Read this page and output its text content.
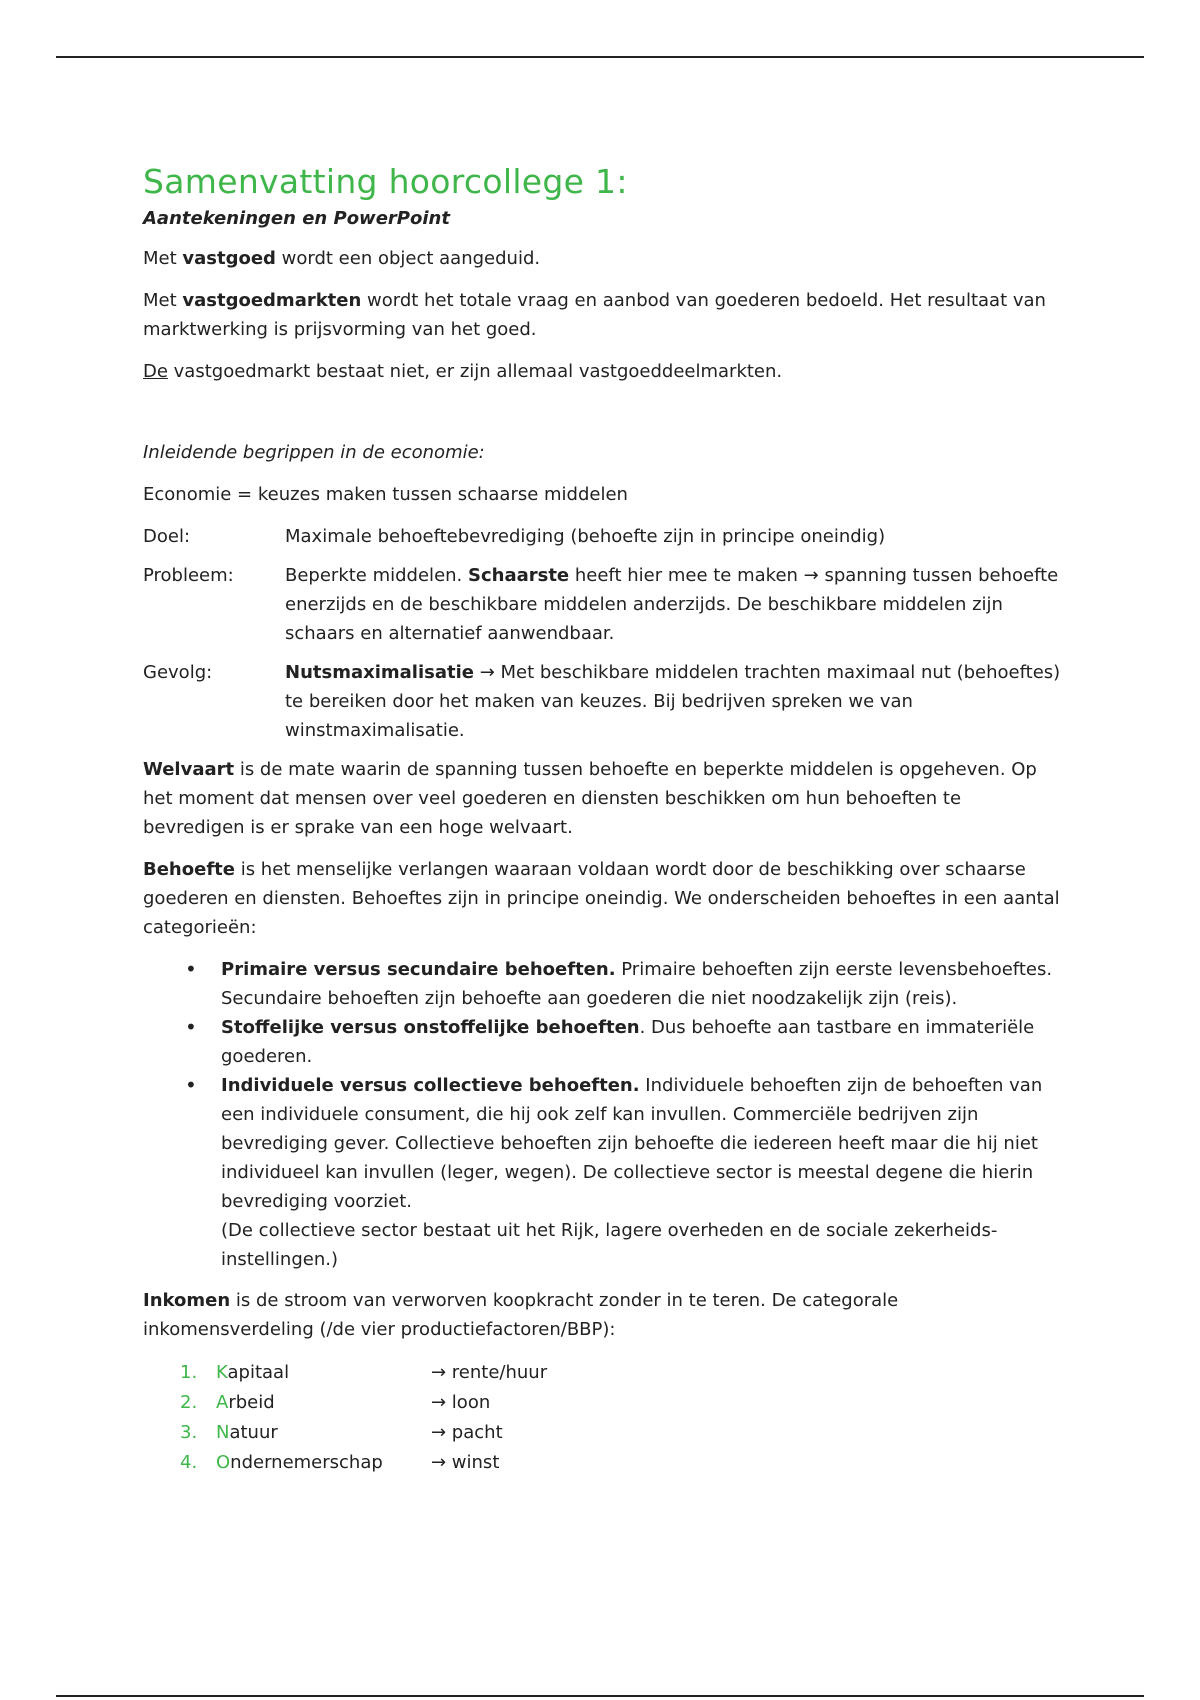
Samenvatting hoorcollege 1:
Aantekeningen en PowerPoint

Met vastgoed wordt een object aangeduid.

Met vastgoedmarkten wordt het totale vraag en aanbod van goederen bedoeld. Het resultaat van marktwerking is prijsvorming van het goed.

De vastgoedmarkt bestaat niet, er zijn allemaal vastgoeddeelmarkten.

Inleidende begrippen in de economie:

Economie = keuzes maken tussen schaarse middelen

Doel:	Maximale behoeftebevrediging (behoefte zijn in principe oneindig)
Probleem:	Beperkte middelen. Schaarste heeft hier mee te maken → spanning tussen behoefte enerzijds en de beschikbare middelen anderzijds. De beschikbare middelen zijn schaars en alternatief aanwendbaar.
Gevolg:	Nutsmaximalisatie → Met beschikbare middelen trachten maximaal nut (behoeftes) te bereiken door het maken van keuzes. Bij bedrijven spreken we van winstmaximalisatie.

Welvaart is de mate waarin de spanning tussen behoefte en beperkte middelen is opgeheven. Op het moment dat mensen over veel goederen en diensten beschikken om hun behoeften te bevredigen is er sprake van een hoge welvaart.

Behoefte is het menselijke verlangen waaraan voldaan wordt door de beschikking over schaarse goederen en diensten. Behoeftes zijn in principe oneindig. We onderscheiden behoeftes in een aantal categorieën:

• Primaire versus secundaire behoeften. Primaire behoeften zijn eerste levensbehoeftes. Secundaire behoeften zijn behoefte aan goederen die niet noodzakelijk zijn (reis).
• Stoffelijke versus onstoffelijke behoeften. Dus behoefte aan tastbare en immateriële goederen.
• Individuele versus collectieve behoeften. Individuele behoeften zijn de behoeften van een individuele consument, die hij ook zelf kan invullen. Commerciële bedrijven zijn bevrediging gever. Collectieve behoeften zijn behoefte die iedereen heeft maar die hij niet individueel kan invullen (leger, wegen). De collectieve sector is meestal degene die hierin bevrediging voorziet.
(De collectieve sector bestaat uit het Rijk, lagere overheden en de sociale zekerheids-instellingen.)

Inkomen is de stroom van verworven koopkracht zonder in te teren. De categorale inkomensverdeling (/de vier productiefactoren/BBP):

1.	Kapitaal	→ rente/huur
2.	Arbeid	→ loon
3.	Natuur	→ pacht
4.	Ondernemerschap	→ winst
